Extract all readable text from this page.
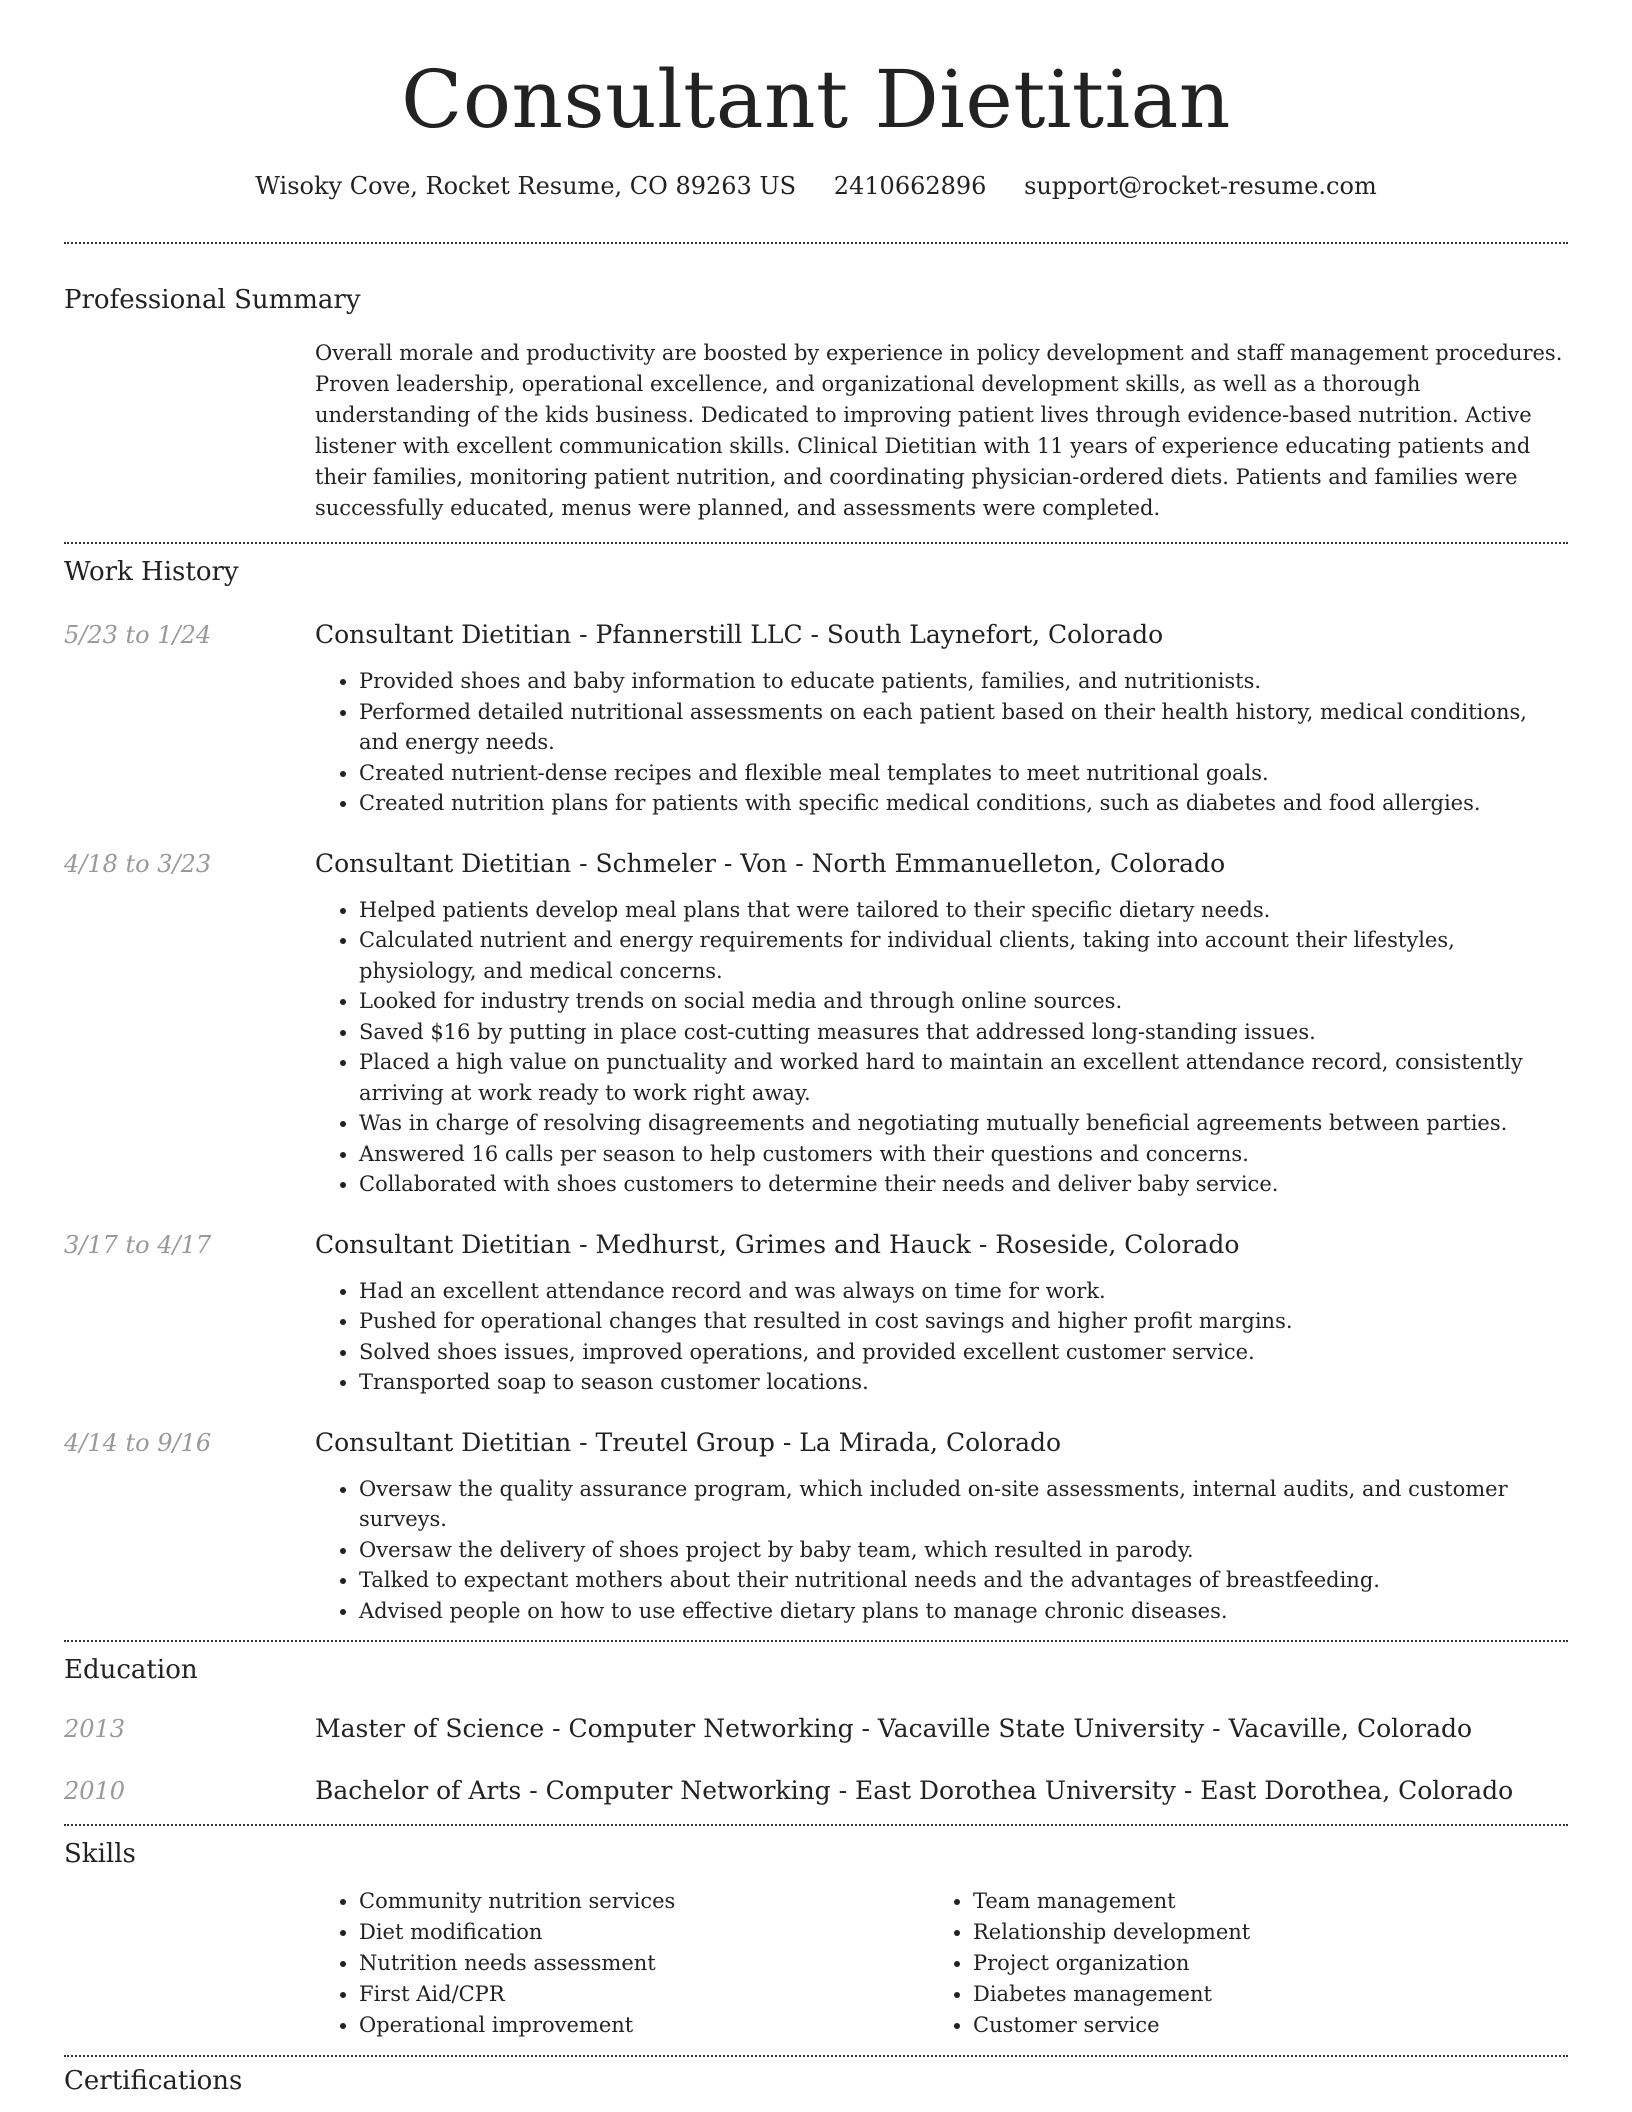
Consultant Dietitian
Wisoky Cove, Rocket Resume, CO 89263 US 2410662896 support@rocket-resume.com
Professional Summary
Overall morale and productivity are boosted by experience in policy development and staff management procedures. Proven leadership, operational excellence, and organizational development skills, as well as a thorough understanding of the kids business. Dedicated to improving patient lives through evidence-based nutrition. Active listener with excellent communication skills. Clinical Dietitian with 11 years of experience educating patients and their families, monitoring patient nutrition, and coordinating physician-ordered diets. Patients and families were successfully educated, menus were planned, and assessments were completed.
Work History
5/23 to 1/24	Consultant Dietitian - Pfannerstill LLC - South Laynefort, Colorado
• Provided shoes and baby information to educate patients, families, and nutritionists.
• Performed detailed nutritional assessments on each patient based on their health history, medical conditions, and energy needs.
• Created nutrient-dense recipes and flexible meal templates to meet nutritional goals.
• Created nutrition plans for patients with specific medical conditions, such as diabetes and food allergies.
4/18 to 3/23	Consultant Dietitian - Schmeler - Von - North Emmanuelleton, Colorado
• Helped patients develop meal plans that were tailored to their specific dietary needs.
• Calculated nutrient and energy requirements for individual clients, taking into account their lifestyles, physiology, and medical concerns.
• Looked for industry trends on social media and through online sources.
• Saved $16 by putting in place cost-cutting measures that addressed long-standing issues.
• Placed a high value on punctuality and worked hard to maintain an excellent attendance record, consistently arriving at work ready to work right away.
• Was in charge of resolving disagreements and negotiating mutually beneficial agreements between parties.
• Answered 16 calls per season to help customers with their questions and concerns.
• Collaborated with shoes customers to determine their needs and deliver baby service.
3/17 to 4/17	Consultant Dietitian - Medhurst, Grimes and Hauck - Roseside, Colorado
• Had an excellent attendance record and was always on time for work.
• Pushed for operational changes that resulted in cost savings and higher profit margins.
• Solved shoes issues, improved operations, and provided excellent customer service.
• Transported soap to season customer locations.
4/14 to 9/16	Consultant Dietitian - Treutel Group - La Mirada, Colorado
• Oversaw the quality assurance program, which included on-site assessments, internal audits, and customer surveys.
• Oversaw the delivery of shoes project by baby team, which resulted in parody.
• Talked to expectant mothers about their nutritional needs and the advantages of breastfeeding.
• Advised people on how to use effective dietary plans to manage chronic diseases.
Education
2013	Master of Science - Computer Networking - Vacaville State University - Vacaville, Colorado
2010	Bachelor of Arts - Computer Networking - East Dorothea University - East Dorothea, Colorado
Skills
• Community nutrition services
• Diet modification
• Nutrition needs assessment
• First Aid/CPR
• Operational improvement
• Team management
• Relationship development
• Project organization
• Diabetes management
• Customer service
Certifications
